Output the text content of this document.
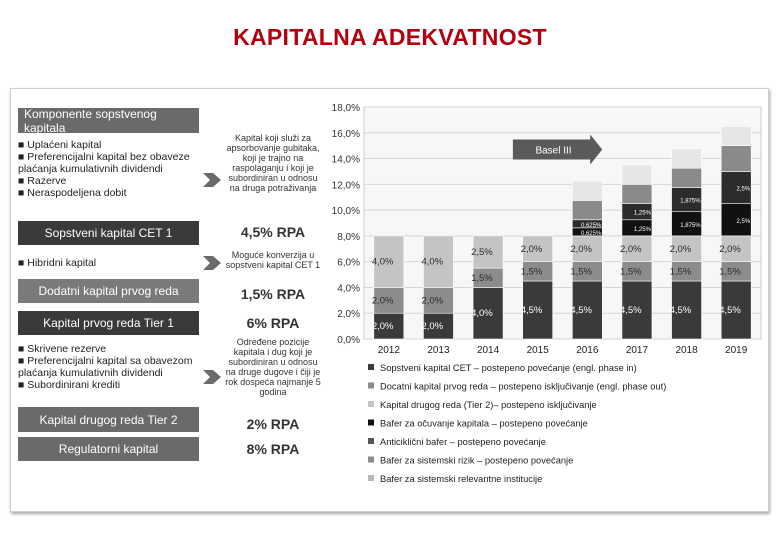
KAPITALNA ADEKVATNOST
Komponente sopstvenog kapitala
■ Uplaćeni kapital
■ Preferencijalni kapital bez obaveze plaćanja kumulativnih dividendi
■ Razerve
■ Neraspodeljena dobit
Sopstveni kapital CET 1
■ Hibridni kapital
Dodatni kapital prvog reda
Kapital prvog reda Tier 1
■ Skrivene rezerve
■ Preferencijalni kapital sa obavezom plaćanja kumulativnih dividendi
■ Subordinirani krediti
Kapital drugog reda Tier 2
Regulatorni kapital
Kapital koji služi za apsorbovanje gubitaka, koji je trajno na raspolaganju i koji je subordiniran u odnosu na druga potraživanja
4,5% RPA
Moguće konverzija u sopstveni kapital CET 1
1,5% RPA
6% RPA
Određene pozicije kapitala i dug koji je subordiniran u odnosu na druge dugove i čiji je rok dospeća najmanje 5 godina
2% RPA
8% RPA
0,0%
2,0%
4,0%
6,0%
8,0%
10,0%
12,0%
14,0%
16,0%
18,0%
2,0%
2,0%
4,0%
2012
2,0%
2,0%
4,0%
2013
4,0%
1,5%
2,5%
2014
4,5%
1,5%
2,0%
2015
4,5%
1,5%
2,0%
0,625%
0,625%
2016
4,5%
1,5%
2,0%
1,25%
1,25%
2017
4,5%
1,5%
2,0%
1,875%
1,875%
2018
4,5%
1,5%
2,0%
2,5%
2,5%
2019
Basel III
Sopstveni kapital CET – postepeno povećanje (engl. phase in)
Docatni kapital prvog reda – postepeno isključivanje (engl. phase out)
Kapital drugog reda (Tier 2)– postepeno isključivanje
Bafer za očuvanje kapitala – postepeno povećanje
Anticiklični bafer – postepeno povećanje
Bafer za sistemski rizik – postepeno povećanje
Bafer za sistemski relevantne institucije
